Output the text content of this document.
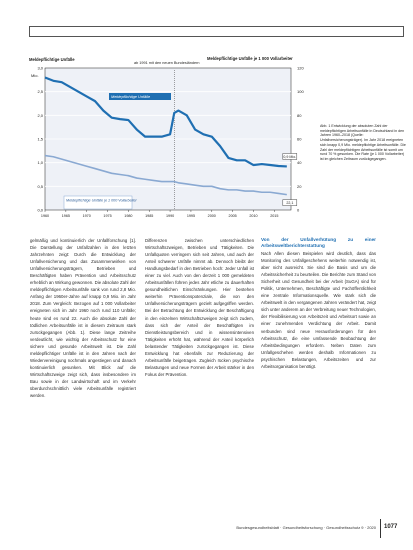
0,0
0,5
1,0
1,5
2,0
2,5
3,0
0
20
40
60
80
100
120
1960	1965	1970	1975	1980	1985	1990	1995	2000	2005	2010	2015
Meldepflichtige Unfälle	Meldepflichtige Unfälle je 1 000 Vollarbeiter
ab 1991 mit den neuen Bundesländern
Mio.
Meldepflichtige Unfälle
Meldepflichtige Unfälle je 1 000 Vollarbeiter
0,9 Mio.
22,1
Abb. 1 Entwicklung der absoluten Zahl der meldepflichtigen Arbeitsunfälle in Deutschland in den Jahren 1960–2018 (Quelle: Unfallversicherungsträger). Im Jahr 2018 ereigneten sich knapp 0,9 Mio. meldepflichtige Arbeitsunfälle. Die Zahl der meldepflichtigen Arbeitsunfälle ist somit um rund 70 % gesunken. Die Rate (je 1 000 Vollarbeiter) ist im gleichen Zeitraum zurückgegangen.

gelmäßig und kontinuierlich der Unfallforschung [1]. Die Darstellung der Unfallzahlen in den letzten Jahrzehnten zeigt: Durch die Entwicklung der Unfallversicherung und das Zusammenwirken von Unfallversicherungsträgern, Betrieben und Beschäftigten haben Prävention und Arbeitsschutz erheblich an Wirkung gewonnen. Die absolute Zahl der meldepflichtigen Arbeitsunfälle sank von rund 2,8 Mio. Anfang der 1960er-Jahre auf knapp 0,9 Mio. im Jahr 2018. Zum Vergleich: Bezogen auf 1 000 Vollarbeiter ereigneten sich im Jahr 1960 noch rund 110 Unfälle; heute sind es rund 22. Auch die absolute Zahl der tödlichen Arbeitsunfälle ist in diesem Zeitraum stark zurückgegangen (Abb. 1). Diese lange Zeitreihe verdeutlicht, wie wichtig der Arbeitsschutz für eine sichere und gesunde Arbeitswelt ist. Die Zahl meldepflichtiger Unfälle ist in den Jahren nach der Wiedervereinigung nochmals angestiegen und danach kontinuierlich gesunken. Mit Blick auf die Wirtschaftszweige zeigt sich, dass insbesondere im Bau sowie in der Landwirtschaft und im Verkehr überdurchschnittlich viele Arbeitsunfälle registriert werden.

Differenzen zwischen unterschiedlichen Wirtschaftszweigen, Betrieben und Tätigkeiten. Die Unfallquoten verringern sich seit Jahren, und auch der Anteil schwerer Unfälle nimmt ab. Dennoch bleibt der Handlungsbedarf in den Betrieben hoch: Jeder Unfall ist einer zu viel. Auch von den derzeit 1 000 gemeldeten Arbeitsunfällen führen jedes Jahr etliche zu dauerhaften gesundheitlichen Einschränkungen. Hier bestehen weiterhin Präventionspotenziale, die von den Unfallversicherungsträgern gezielt aufgegriffen werden. Bei der Betrachtung der Entwicklung der Beschäftigung in den einzelnen Wirtschaftszweigen zeigt sich zudem, dass sich der Anteil der Beschäftigten im Dienstleistungsbereich und in wissensintensiven Tätigkeiten erhöht hat, während der Anteil körperlich belastender Tätigkeiten zurückgegangen ist. Diese Entwicklung hat ebenfalls zur Reduzierung der Arbeitsunfälle beigetragen. Zugleich rücken psychische Belastungen und neue Formen der Arbeit stärker in den Fokus der Prävention.

Von der Unfallverhütung zu einer Arbeitsweltberichterstattung

Nach Allen diesen Beispielen wird deutlich, dass das Monitoring des Unfallgeschehens weiterhin notwendig ist, aber nicht ausreicht. Sie sind die Basis und um die Arbeitssicherheit zu beurteilen. Die Berichte zum Stand von Sicherheit und Gesundheit bei der Arbeit (SuGA) sind für Politik, Unternehmen, Beschäftigte und Fachöffentlichkeit eine zentrale Informationsquelle. Wie stark sich die Arbeitswelt in den vergangenen Jahren verändert hat, zeigt sich unter anderem an der Verbreitung neuer Technologien, der Flexibilisierung von Arbeitszeit und Arbeitsort sowie an einer zunehmenden Verdichtung der Arbeit. Damit verbunden sind neue Herausforderungen für den Arbeitsschutz, die eine umfassende Beobachtung der Arbeitsbedingungen erfordern. Neben Daten zum Unfallgeschehen werden deshalb Informationen zu psychischen Belastungen, Arbeitszeiten und zur Arbeitsorganisation benötigt.

Bundesgesundheitsblatt · Gesundheitsforschung · Gesundheitsschutz 9 · 2020 1077
